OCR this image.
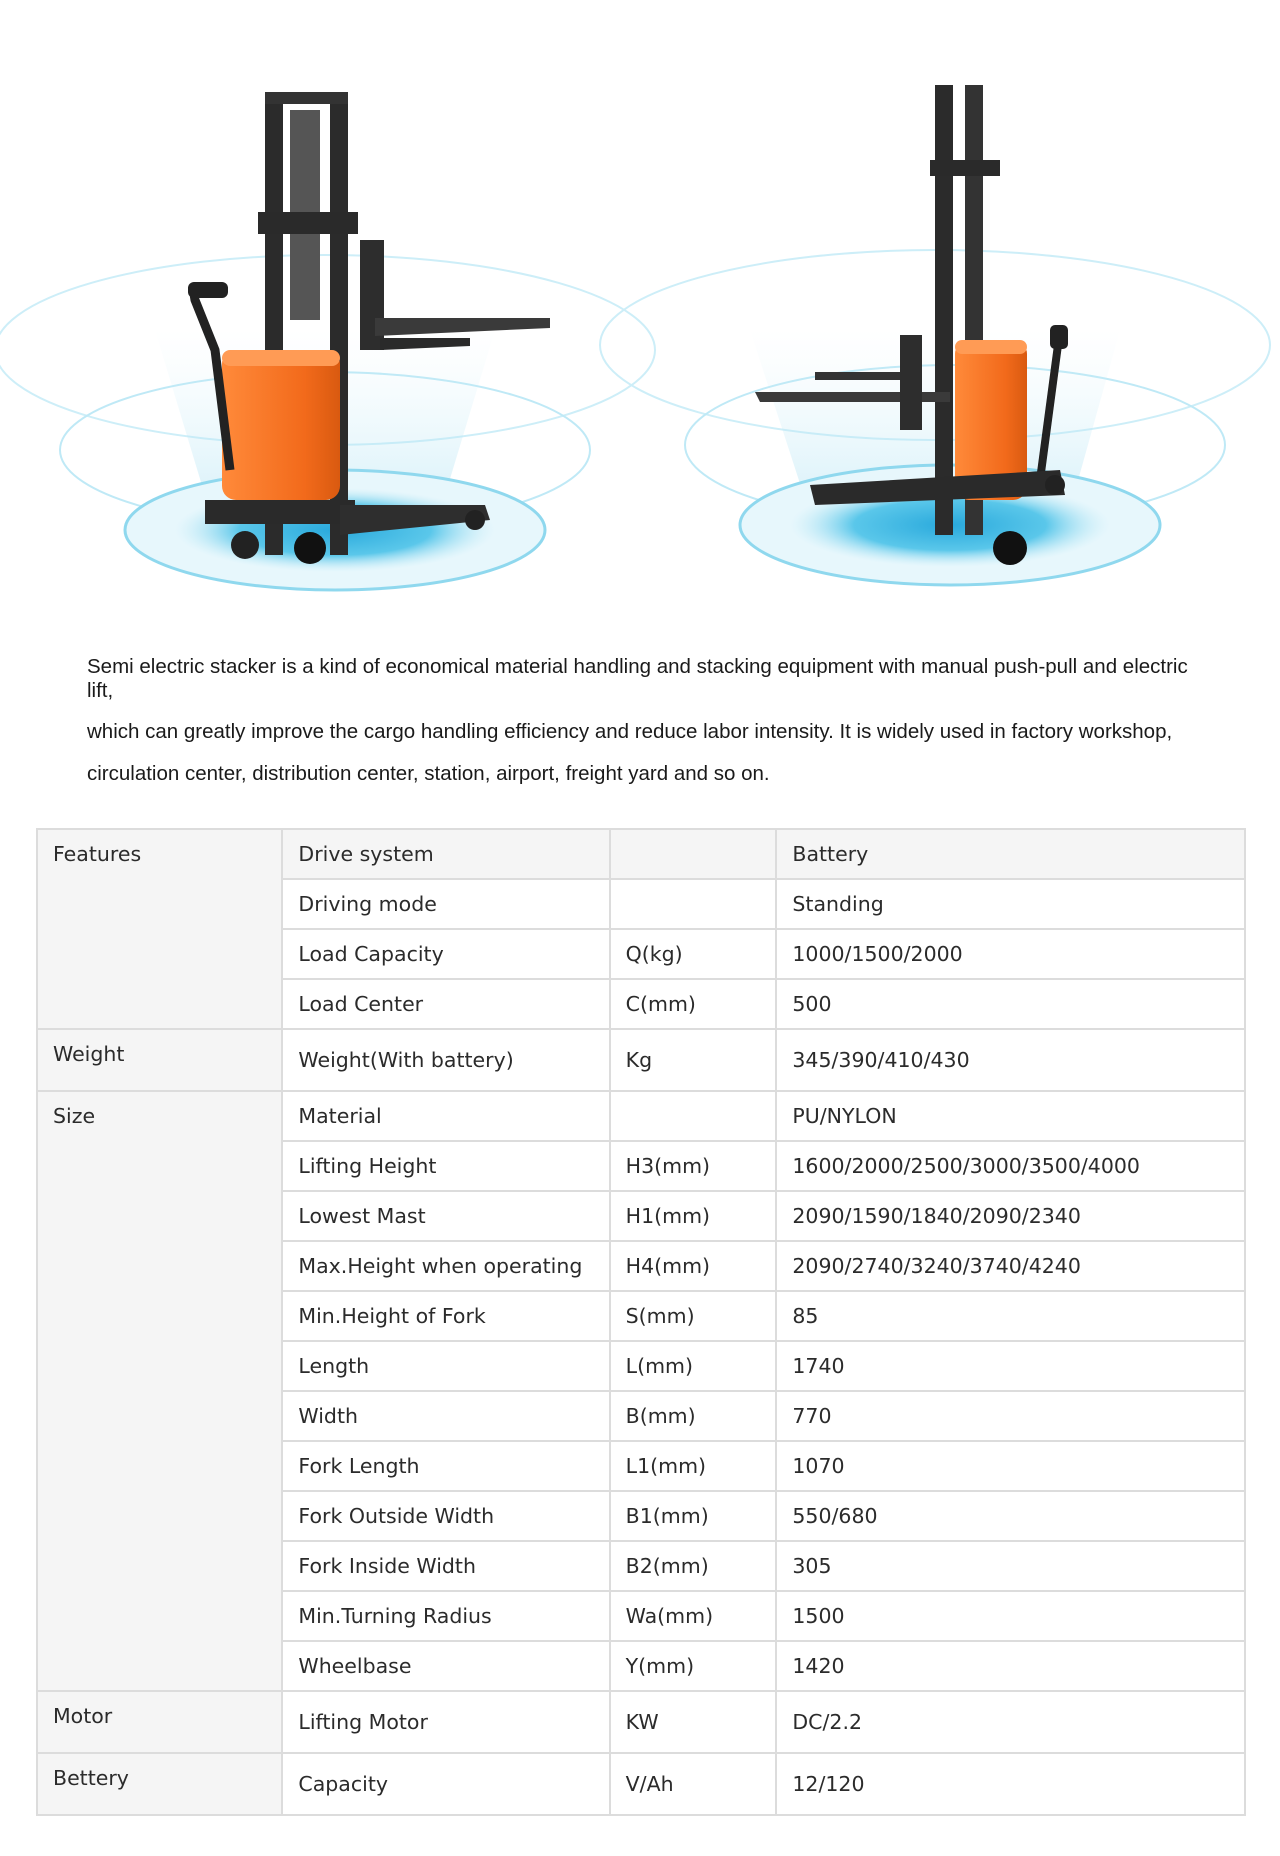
Semi electric stacker is a kind of economical material handling and stacking equipment with manual push-pull and electric lift,

which can greatly improve the cargo handling efficiency and reduce labor intensity. It is widely used in factory workshop,

circulation center, distribution center, station, airport, freight yard and so on.

Features	Drive system		Battery
	Driving mode		Standing
	Load Capacity	Q(kg)	1000/1500/2000
	Load Center	C(mm)	500
Weight	Weight(With battery)	Kg	345/390/410/430
Size	Material		PU/NYLON
	Lifting Height	H3(mm)	1600/2000/2500/3000/3500/4000
	Lowest Mast	H1(mm)	2090/1590/1840/2090/2340
	Max.Height when operating	H4(mm)	2090/2740/3240/3740/4240
	Min.Height of Fork	S(mm)	85
	Length	L(mm)	1740
	Width	B(mm)	770
	Fork Length	L1(mm)	1070
	Fork Outside Width	B1(mm)	550/680
	Fork Inside Width	B2(mm)	305
	Min.Turning Radius	Wa(mm)	1500
	Wheelbase	Y(mm)	1420
Motor	Lifting Motor	KW	DC/2.2
Bettery	Capacity	V/Ah	12/120
